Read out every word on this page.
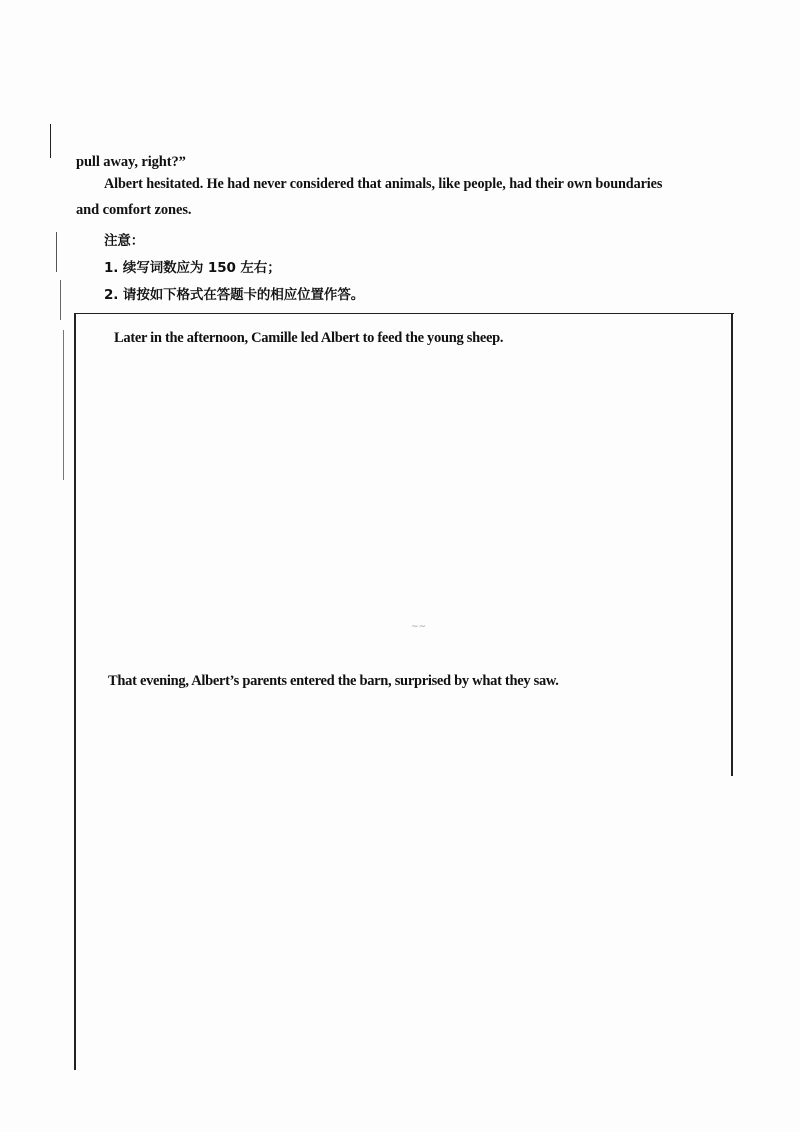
pull away, right?”
Albert hesitated. He had never considered that animals, like people, had their own boundaries
and comfort zones.
注意：
1. 续写词数应为 150 左右；
2. 请按如下格式在答题卡的相应位置作答。
Later in the afternoon, Camille led Albert to feed the young sheep.
~~
That evening, Albert’s parents entered the barn, surprised by what they saw.
